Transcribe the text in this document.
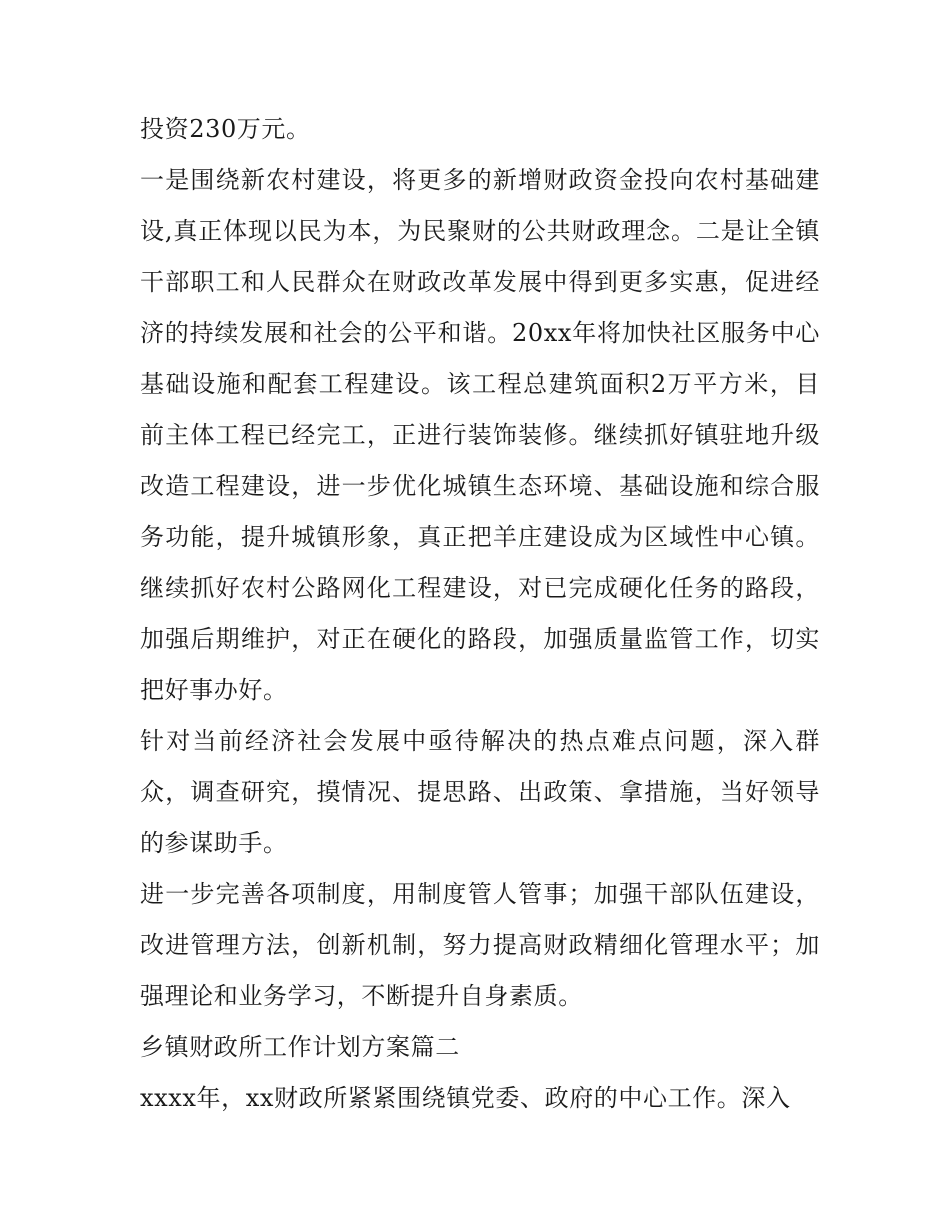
投资230万元。

一是围绕新农村建设，将更多的新增财政资金投向农村基础建设,真正体现以民为本，为民聚财的公共财政理念。二是让全镇干部职工和人民群众在财政改革发展中得到更多实惠，促进经济的持续发展和社会的公平和谐。20xx年将加快社区服务中心基础设施和配套工程建设。该工程总建筑面积2万平方米，目前主体工程已经完工，正进行装饰装修。继续抓好镇驻地升级改造工程建设，进一步优化城镇生态环境、基础设施和综合服务功能，提升城镇形象，真正把羊庄建设成为区域性中心镇。继续抓好农村公路网化工程建设，对已完成硬化任务的路段，加强后期维护，对正在硬化的路段，加强质量监管工作，切实把好事办好。

针对当前经济社会发展中亟待解决的热点难点问题，深入群众，调查研究，摸情况、提思路、出政策、拿措施，当好领导的参谋助手。

进一步完善各项制度，用制度管人管事；加强干部队伍建设，改进管理方法，创新机制，努力提高财政精细化管理水平；加强理论和业务学习，不断提升自身素质。

乡镇财政所工作计划方案篇二

xxxx年，xx财政所紧紧围绕镇党委、政府的中心工作。深入
